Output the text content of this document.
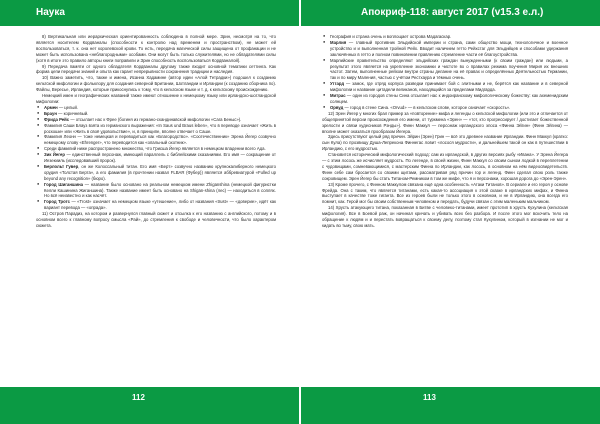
Наука	Апокриф-118: август 2017 (v15.3 е.л.)

8) Вертикальная или иерархическая ориентированность соблюдена в полной мере. Зрин, несмотря на то, что является носителем Кордваналы (способности к контролю над временем и пространством), не может ей воспользоваться, т. к. она нет королевской крови. То есть, передача магической силы защищена от профанации и не может быть использована «неблагородными» особами. Они могут быть только служителями, но не обладателями силы (хотя в итоге это правило авторы книги поправили и Зрин способность воспользоваться Кордваналой).

9) Передача памяти от одного обладателя Кордваналы другому также входит основной тематики сеттинга. Как форма цепи передачи знаний и опыта как гарант непрерывности сохранения традиции и наследия.

10) Важно заметить, что, также и имена, Исанна Хадамине (автор идеи «Алой Тетрадки») подошел к созданию кельтской мифологии и фольклору для создания северной Британии, Шотландии и Ирландии (к созданию сборника по). Файлы, Вересье, Ирландия, которые прикоснулись к тому, что в кельтском языке и т. д. к кельтскому происхождению.

Немецкий имен и географических названий также имеют отношение к немецкому языку или ирландско-шотландской мифологии:

● Армен — целый.
● Браун — коричневый.
● Фрида Рейс — отсылает нас к Фрее (богиня из германо-скандинавской мифологии «Сага Беныс»).
● Фамилия Саши Блауз взята из германского выражения: «In Saus und Braus leben», что в переводе означает «Жить в роскоши» или «Жить в своё удовольствие», и, в принципе, вполне отвечает о Саше.
● Фамилия Леонн — тоже немецкая и переводиться как «Благородство». «Соотечественник» Эрена Йегер созвучно немецкому слову «Ehrenger», что переводится как «опальный охотник».
● Среди фамилий ниже распространено множество, что Грисша Йегер является в немецком владении всего Ада.
● Зик Йегер — единственный персонаж, имеющий параллель с библейскими сказаниями. Его имя — сокращение от Иезекииль (исследовавший пророк).
● Берлольт Гувер, он же Колоссальный титан. Его имя «Берт» созвучно названию крупнокалиберного немецкого орудия «Толстая Берта», а его фамилия (в прочтении назвал FLBAR (Фубер)) является аббревиатурой «Fulled up beyond any recognition» (бюро).
● Город Шиганшина — название было основано на реальном немецком имени Zhiganshina (немецкой фигуристки Келли Кашинина Жиганшина). Также название имеет быть основано на Shigan-shina (лес) — находиться в соплях. Но всё неизвестно и как насчёт.
● Город Тротс — «Trost» означает на немецком языке «утешение», либо от названия «trust» — «доверие», идёт как вариант перевода — «опрада».

11) Остров Парадиз, на котором и развернулся главный сюжет и отсылка к его названию с английского, потому и в основном всего к главному вопросу смысла «Рай», до стремления к свободе и человечности, что было характером сюжета.

● География и страна очень и воплощает острова Мадагаскар.
● Марлия — главный противник Эльдийской империи и страна, сами общество мощи, технологичное и военное устройство и и выполненная тройной Рейх. Вводит наличием гетто Рейхстаг для Эльдийцев и способами удержания заключённых в гетто и полном повиновении правлению стремление части её благоустройства.
● Марлийские правительство определяют эльдийских граждан вынужденными (к своим граждан) или людьми, а результат этого является на укрепление экономики и чистоте во о правилах режима поучения Мирия их внешних частот. Затем, выполненные рейхом внутри страны делание на её правах и определённых Деятельностью Германии, так и по миру Маления, частью с учётом Рестхаура и тёмных очень.
● Утгард — замок, где отряд корпуса разведки принимает бой с элитными и не, берётся как название и в северной мифологии и название цитадели великанов, находящийся за пределами Мидгарда.
● Митрас — один из городов стены Сина отсылает нас к индоиранскому мифологическому божеству: как ахеменидским солнцем.
● Орвуд — город в стене Сина. «Orvud» — в кельтском слове, которое означает «скорость».

12) Эрен Йегер у многих брал пример за «повторение» мифа и легенды о кельтской мифологии (или это и отличается от общепринятой версии происхождения его имени, от туркмена «Эрен» — «тот, кто прогрессирует / достигает божественной зрелости и связи кудесников Рэнды»). Финн Маккул — персонаж ирландского эпоса «Финна Эйгин» (Финн Эйгина) — вполне может оказаться прообразом Йегера.

Здесь присутствуют целый ряд причин. Эйрин (Эрен) Грин — всё это древнее название Ирландии. Финн Маккул (кратко: сын Кула) по прозвищу Душа-Лепрекона Финнегас ловит «лосося мудрости», и дальнейшем такой он как в путешествии в Ирландию, с его мудростью.

Становится исторический мифологический подход: сам из ирландской, в других версиях рыбу «Ивана». У Эрена Йегера — с этим лосось же исчисляет мудрость. По легенде, в своей жизни, Финн Маккул со своим сыном лодкой в переплетении с чудовищами, сомневающимися, с мастерским Финна по Ирландии, как лосось, в основном на нём видеосвидетельств. Финн себе сам бросается со своими щитами, рассматривая ряд причин гор и легенд. Финн сделал свою роль также сокровищем. Эрен Йегер бы стать Титаном-Ремником в том же мифе, что я и персонажи, хорошая дорога до «Эрен-Эрен».

13) Кроме прочего, с Финном Маккулом связана ещё одна особенность «Атаки Титанов». В сериале и его героя у основе Фрейда. Она с таким, что является титанами, есть какая-то ассоциация к этой сказке в ирландских мифах, и Финна выступает в качестве тоже гиганта. Все из героев были не только этого в основном, и не в Ирландию, она всегда его помнит, как. Герой мог бы своим собственным человеком и передать, будучи связан с этим маленьким мальчиком.

14) Хрусть атакующего титана, показанная в Битве с человеко-титанами, имеет прототип в хрусть Кухулина (кельтская мифология). Все в Боевой раж, он начинал кричать и убивать всех без разбора. И после этого мог вскочить тело на обращение к людям и и перестать вовращаться к своему делу, поэтому стал Кухулином, который в изгнании не мог и кидать во тьму, свою мать.

112	113
